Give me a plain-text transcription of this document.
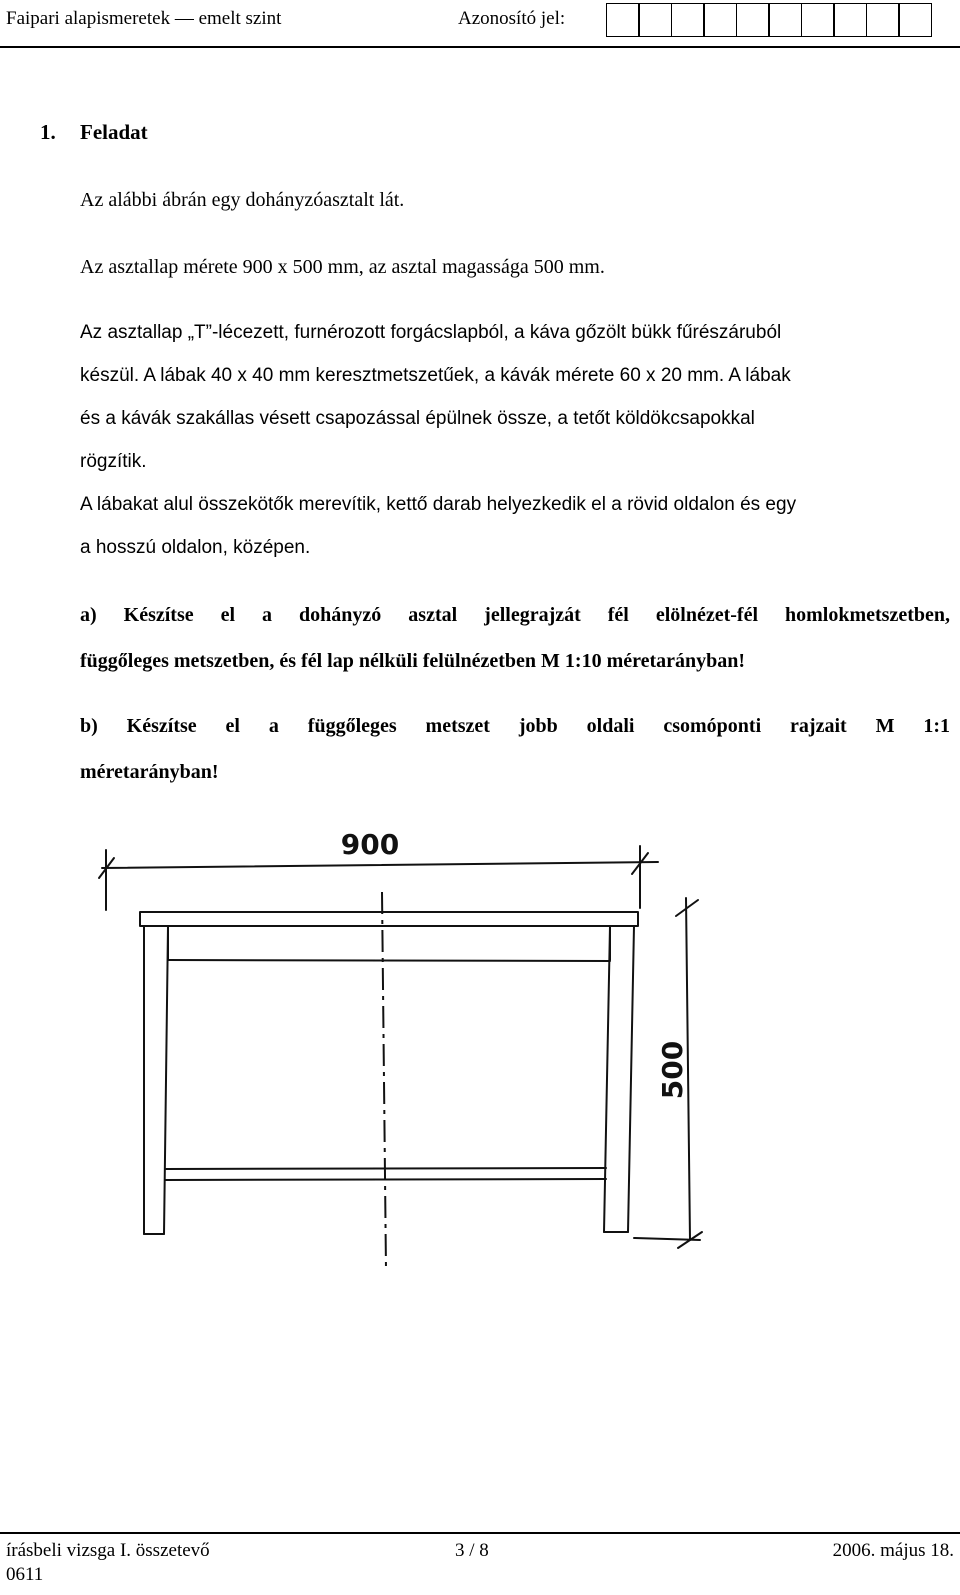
Faipari alapismeretek — emelt szint	Azonosító jel:
1. Feladat
Az alábbi ábrán egy dohányzóasztalt lát.
Az asztallap mérete 900 x 500 mm, az asztal magassága 500 mm.
Az asztallap „T”-lécezett, furnérozott forgácslapból, a káva gőzölt bükk fűrészáruból
készül. A lábak 40 x 40 mm keresztmetszetűek, a kávák mérete 60 x 20 mm. A lábak
és a kávák szakállas vésett csapozással épülnek össze, a tetőt köldökcsapokkal
rögzítik.
A lábakat alul összekötők merevítik, kettő darab helyezkedik el a rövid oldalon és egy
a hosszú oldalon, középen.
a) Készítse el a dohányzó asztal jellegrajzát fél elölnézet-fél homlokmetszetben,
függőleges metszetben, és fél lap nélküli felülnézetben M 1:10 méretarányban!
b) Készítse el a függőleges metszet jobb oldali csomóponti rajzait M 1:1
méretarányban!
900
500
írásbeli vizsga I. összetevő
0611
3 / 8	2006. május 18.
